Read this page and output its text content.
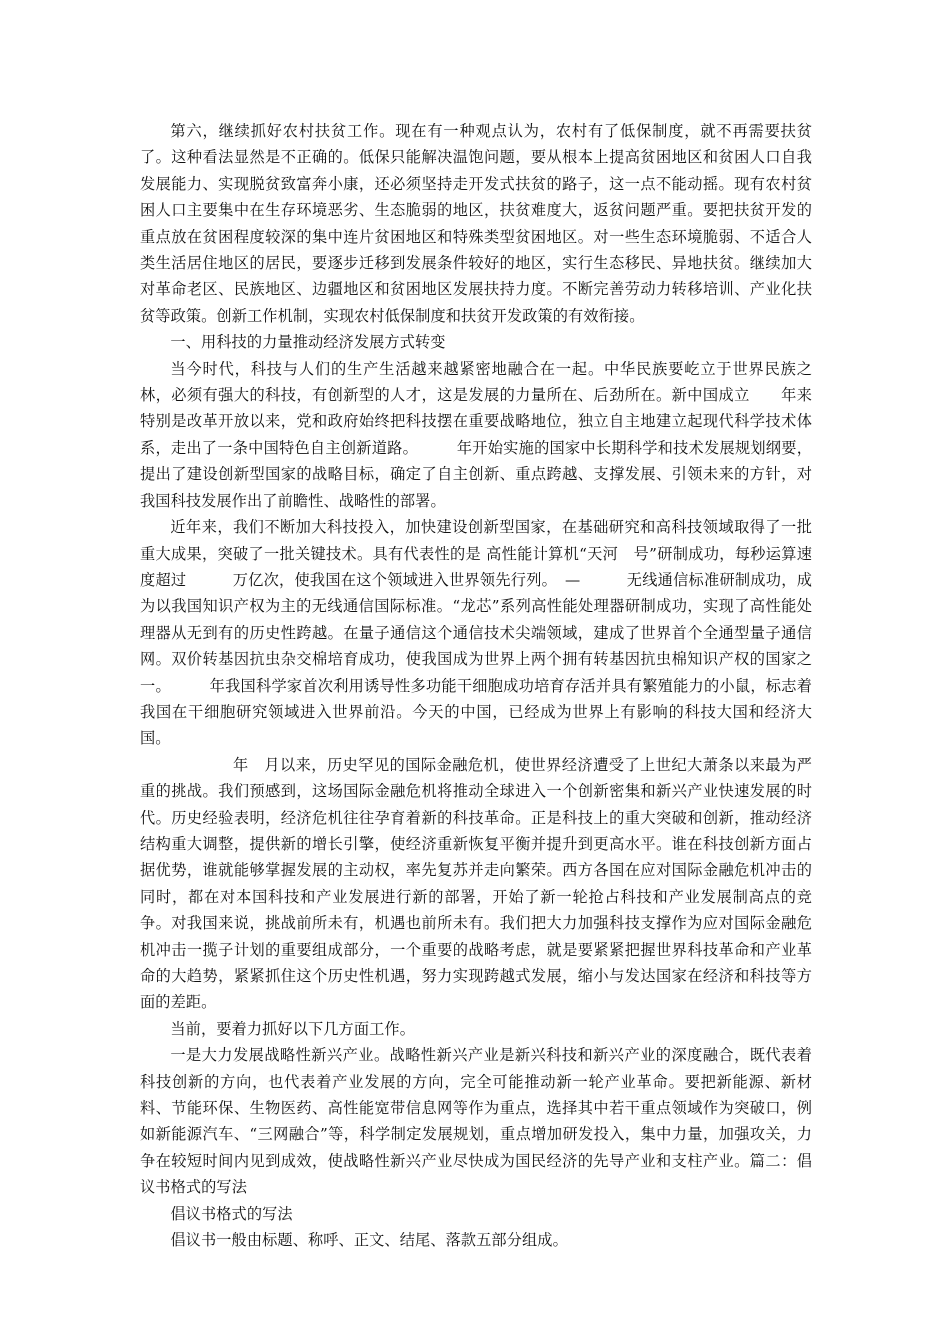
第六，继续抓好农村扶贫工作。现在有一种观点认为，农村有了低保制度，就不再需要扶贫了。这种看法显然是不正确的。低保只能解决温饱问题，要从根本上提高贫困地区和贫困人口自我发展能力、实现脱贫致富奔小康，还必须坚持走开发式扶贫的路子，这一点不能动摇。现有农村贫困人口主要集中在生存环境恶劣、生态脆弱的地区，扶贫难度大，返贫问题严重。要把扶贫开发的重点放在贫困程度较深的集中连片贫困地区和特殊类型贫困地区。对一些生态环境脆弱、不适合人类生活居住地区的居民，要逐步迁移到发展条件较好的地区，实行生态移民、异地扶贫。继续加大对革命老区、民族地区、边疆地区和贫困地区发展扶持力度。不断完善劳动力转移培训、产业化扶贫等政策。创新工作机制，实现农村低保制度和扶贫开发政策的有效衔接。

一、用科技的力量推动经济发展方式转变

当今时代，科技与人们的生产生活越来越紧密地融合在一起。中华民族要屹立于世界民族之林，必须有强大的科技，有创新型的人才，这是发展的力量所在、后劲所在。新中国成立　　年来特别是改革开放以来，党和政府始终把科技摆在重要战略地位，独立自主地建立起现代科学技术体系，走出了一条中国特色自主创新道路。　　　年开始实施的国家中长期科学和技术发展规划纲要，提出了建设创新型国家的战略目标，确定了自主创新、重点跨越、支撑发展、引领未来的方针，对我国科技发展作出了前瞻性、战略性的部署。

近年来，我们不断加大科技投入，加快建设创新型国家，在基础研究和高科技领域取得了一批重大成果，突破了一批关键技术。具有代表性的是 高性能计算机“天河　号”研制成功，每秒运算速度超过　　　万亿次，使我国在这个领域进入世界领先行列。　—　　　无线通信标准研制成功，成为以我国知识产权为主的无线通信国际标准。“龙芯”系列高性能处理器研制成功，实现了高性能处理器从无到有的历史性跨越。在量子通信这个通信技术尖端领域，建成了世界首个全通型量子通信网。双价转基因抗虫杂交棉培育成功，使我国成为世界上两个拥有转基因抗虫棉知识产权的国家之一。　　　年我国科学家首次利用诱导性多功能干细胞成功培育存活并具有繁殖能力的小鼠，标志着我国在干细胞研究领域进入世界前沿。今天的中国，已经成为世界上有影响的科技大国和经济大国。

　　　　年　月以来，历史罕见的国际金融危机，使世界经济遭受了上世纪大萧条以来最为严重的挑战。我们预感到，这场国际金融危机将推动全球进入一个创新密集和新兴产业快速发展的时代。历史经验表明，经济危机往往孕育着新的科技革命。正是科技上的重大突破和创新，推动经济结构重大调整，提供新的增长引擎，使经济重新恢复平衡并提升到更高水平。谁在科技创新方面占据优势，谁就能够掌握发展的主动权，率先复苏并走向繁荣。西方各国在应对国际金融危机冲击的同时，都在对本国科技和产业发展进行新的部署，开始了新一轮抢占科技和产业发展制高点的竞争。对我国来说，挑战前所未有，机遇也前所未有。我们把大力加强科技支撑作为应对国际金融危机冲击一揽子计划的重要组成部分，一个重要的战略考虑，就是要紧紧把握世界科技革命和产业革命的大趋势，紧紧抓住这个历史性机遇，努力实现跨越式发展，缩小与发达国家在经济和科技等方面的差距。

当前，要着力抓好以下几方面工作。

一是大力发展战略性新兴产业。战略性新兴产业是新兴科技和新兴产业的深度融合，既代表着科技创新的方向，也代表着产业发展的方向，完全可能推动新一轮产业革命。要把新能源、新材料、节能环保、生物医药、高性能宽带信息网等作为重点，选择其中若干重点领域作为突破口，例如新能源汽车、“三网融合”等，科学制定发展规划，重点增加研发投入，集中力量，加强攻关，力争在较短时间内见到成效，使战略性新兴产业尽快成为国民经济的先导产业和支柱产业。篇二：倡议书格式的写法

倡议书格式的写法

倡议书一般由标题、称呼、正文、结尾、落款五部分组成。
